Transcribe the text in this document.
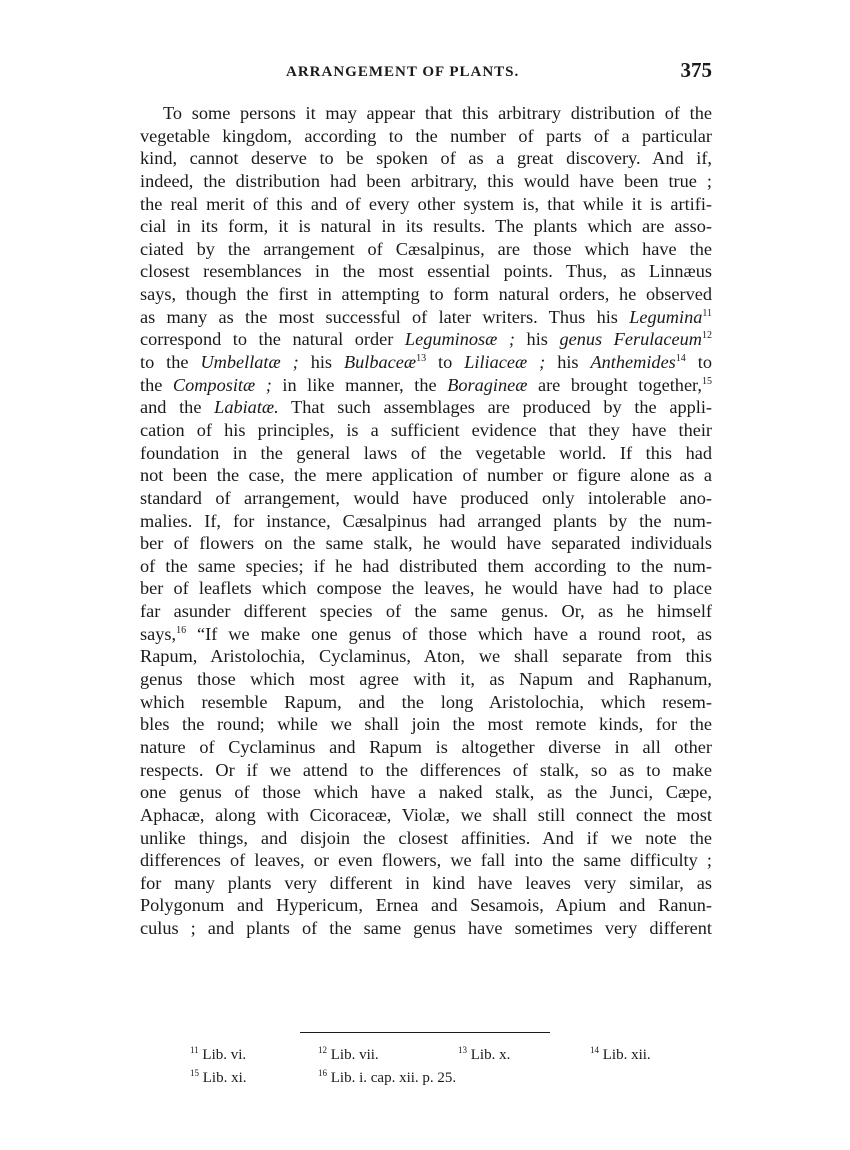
ARRANGEMENT OF PLANTS.	375
To some persons it may appear that this arbitrary distribution of the
vegetable kingdom, according to the number of parts of a particular
kind, cannot deserve to be spoken of as a great discovery. And if,
indeed, the distribution had been arbitrary, this would have been true ;
the real merit of this and of every other system is, that while it is artifi-
cial in its form, it is natural in its results. The plants which are asso-
ciated by the arrangement of Cæsalpinus, are those which have the
closest resemblances in the most essential points. Thus, as Linnæus
says, though the first in attempting to form natural orders, he observed
as many as the most successful of later writers. Thus his Legumina$^{11}$
correspond to the natural order Leguminosæ ; his genus Ferulaceum$^{12}$
to the Umbellatæ ; his Bulbaceæ$^{13}$ to Liliaceæ ; his Anthemides$^{14}$ to
the Compositæ ; in like manner, the Boragineæ are brought together,$^{15}$
and the Labiatæ. That such assemblages are produced by the appli-
cation of his principles, is a sufficient evidence that they have their
foundation in the general laws of the vegetable world. If this had
not been the case, the mere application of number or figure alone as a
standard of arrangement, would have produced only intolerable ano-
malies. If, for instance, Cæsalpinus had arranged plants by the num-
ber of flowers on the same stalk, he would have separated individuals
of the same species; if he had distributed them according to the num-
ber of leaflets which compose the leaves, he would have had to place
far asunder different species of the same genus. Or, as he himself
says,$^{16}$ “If we make one genus of those which have a round root, as
Rapum, Aristolochia, Cyclaminus, Aton, we shall separate from this
genus those which most agree with it, as Napum and Raphanum,
which resemble Rapum, and the long Aristolochia, which resem-
bles the round; while we shall join the most remote kinds, for the
nature of Cyclaminus and Rapum is altogether diverse in all other
respects. Or if we attend to the differences of stalk, so as to make
one genus of those which have a naked stalk, as the Junci, Cæpe,
Aphacæ, along with Cicoraceæ, Violæ, we shall still connect the most
unlike things, and disjoin the closest affinities. And if we note the
differences of leaves, or even flowers, we fall into the same difficulty ;
for many plants very different in kind have leaves very similar, as
Polygonum and Hypericum, Ernea and Sesamois, Apium and Ranun-
culus ; and plants of the same genus have sometimes very different
$^{11}$ Lib. vi.	$^{12}$ Lib. vii.	$^{13}$ Lib. x.	$^{14}$ Lib. xii.
$^{15}$ Lib. xi.	$^{16}$ Lib. i. cap. xii. p. 25.
